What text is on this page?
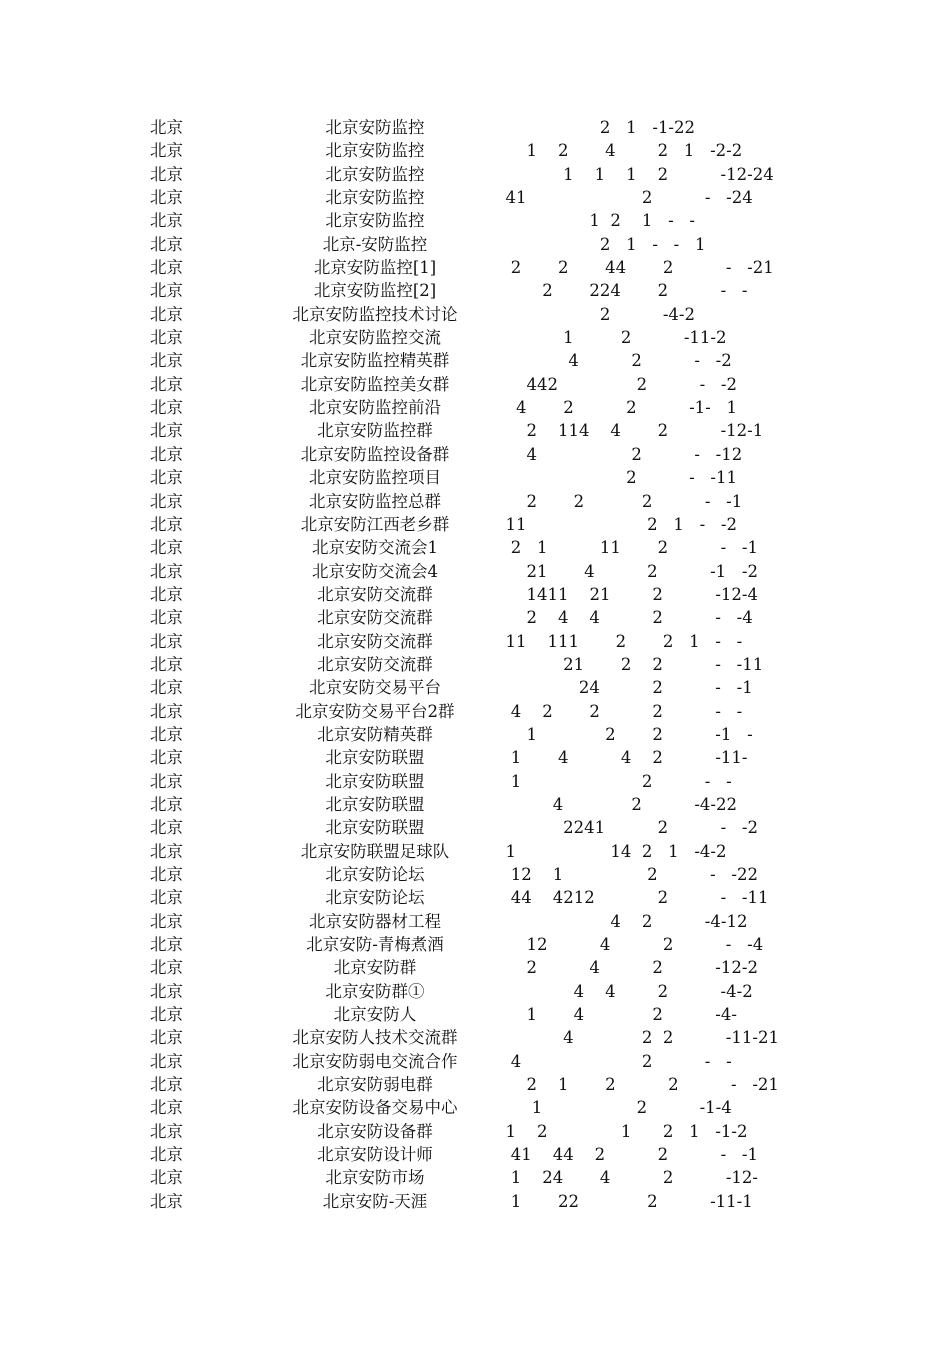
北京	北京安防监控	2   1   -1-22
北京	北京安防监控	1    2       4        2   1   -2-2
北京	北京安防监控	1    1    1    2          -12-24
北京	北京安防监控	41                      2          -   -24
北京	北京安防监控	1  2    1   -   -
北京	北京-安防监控	2   1   -   -   1
北京	北京安防监控[1]	2       2       44       2          -   -21
北京	北京安防监控[2]	2       224       2          -   -
北京	北京安防监控技术讨论	2          -4-2
北京	北京安防监控交流	1         2          -11-2
北京	北京安防监控精英群	4          2          -   -2
北京	北京安防监控美女群	442               2          -   -2
北京	北京安防监控前沿	4       2          2          -1-   1
北京	北京安防监控群	2    114    4       2          -12-1
北京	北京安防监控设备群	4                  2          -   -12
北京	北京安防监控项目	2          -   -11
北京	北京安防监控总群	2       2           2          -   -1
北京	北京安防江西老乡群	11                       2   1   -   -2
北京	北京安防交流会1	2   1          11       2          -   -1
北京	北京安防交流会4	21       4          2          -1   -2
北京	北京安防交流群	1411    21        2          -12-4
北京	北京安防交流群	2    4    4          2          -   -4
北京	北京安防交流群	11    111       2       2   1   -   -
北京	北京安防交流群	21       2    2          -   -11
北京	北京安防交易平台	24          2          -   -1
北京	北京安防交易平台2群	4    2       2          2          -   -
北京	北京安防精英群	1             2       2          -1   -
北京	北京安防联盟	1       4          4    2          -11-
北京	北京安防联盟	1                       2          -   -
北京	北京安防联盟	4             2          -4-22
北京	北京安防联盟	2241          2          -   -2
北京	北京安防联盟足球队	1                  14  2   1   -4-2
北京	北京安防论坛	12    1                2          -   -22
北京	北京安防论坛	44    4212            2          -   -11
北京	北京安防器材工程	4    2          -4-12
北京	北京安防-青梅煮酒	12          4          2          -   -4
北京	北京安防群	2          4          2          -12-2
北京	北京安防群①	4    4        2          -4-2
北京	北京安防人	1       4             2          -4-
北京	北京安防人技术交流群	4             2  2          -11-21
北京	北京安防弱电交流合作	4                       2          -   -
北京	北京安防弱电群	2    1       2          2          -   -21
北京	北京安防设备交易中心	1                  2          -1-4
北京	北京安防设备群	1    2              1      2   1   -1-2
北京	北京安防设计师	41    44    2          2          -   -1
北京	北京安防市场	1    24       4          2          -12-
北京	北京安防-天涯	1       22             2          -11-1
